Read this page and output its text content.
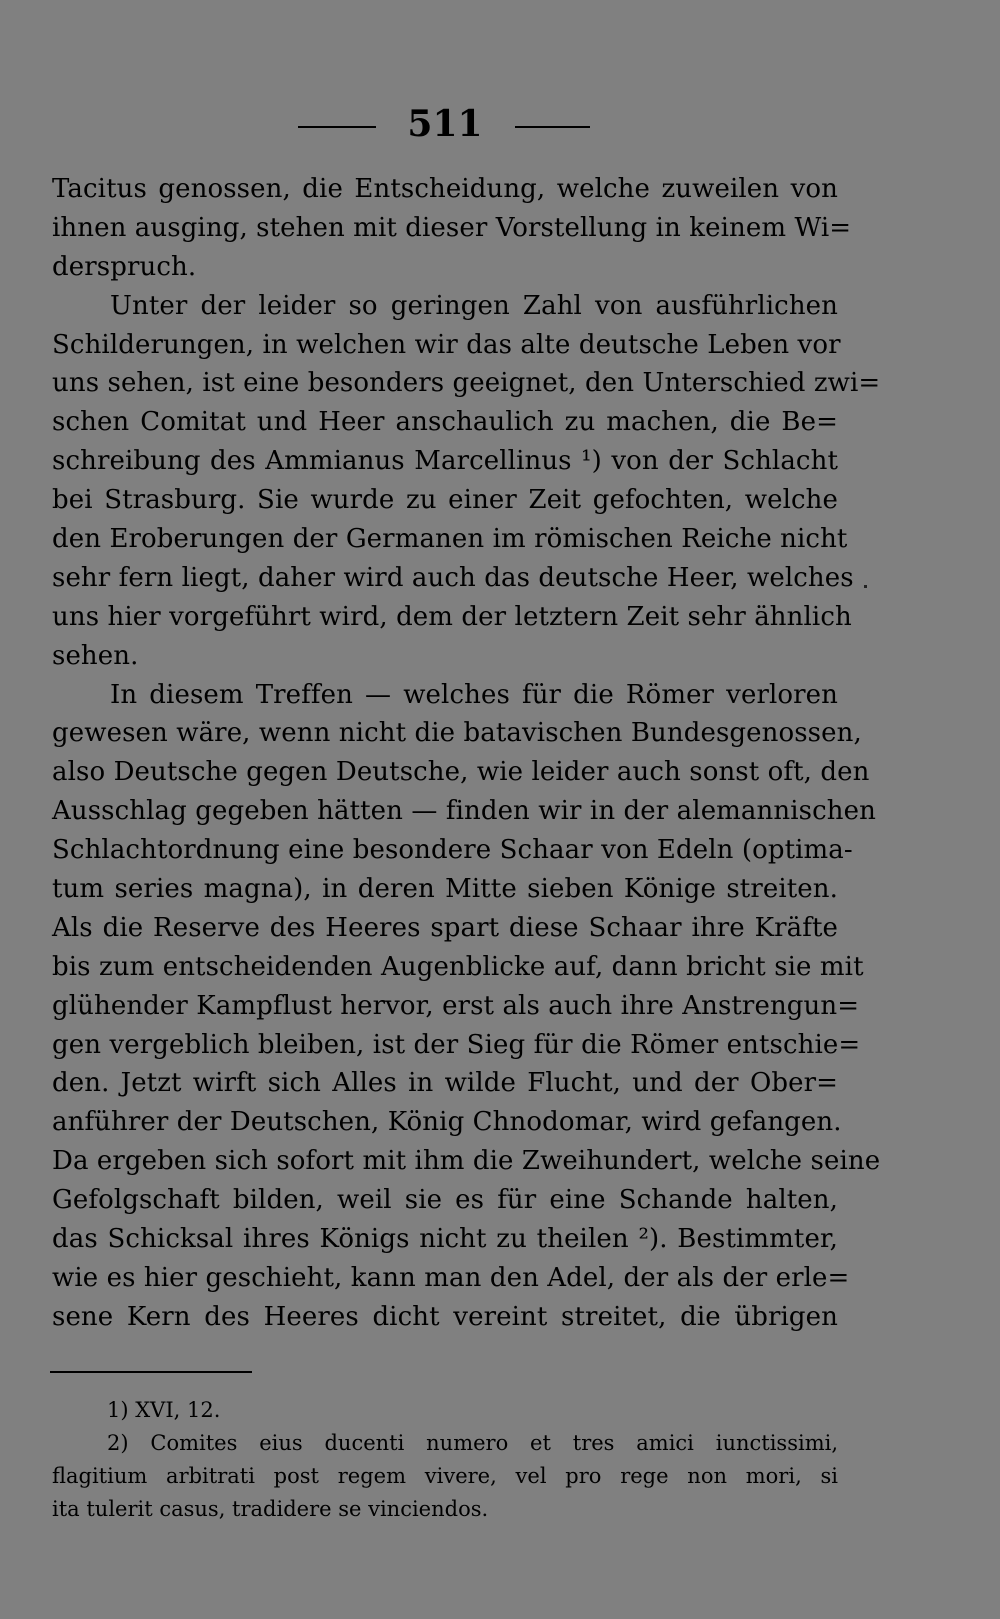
511
Tacitus genossen, die Entscheidung, welche zuweilen von
ihnen ausging, stehen mit dieser Vorstellung in keinem Wi=
derspruch.
Unter der leider so geringen Zahl von ausführlichen
Schilderungen, in welchen wir das alte deutsche Leben vor
uns sehen, ist eine besonders geeignet, den Unterschied zwi=
schen Comitat und Heer anschaulich zu machen, die Be=
schreibung des Ammianus Marcellinus ¹) von der Schlacht
bei Strasburg. Sie wurde zu einer Zeit gefochten, welche
den Eroberungen der Germanen im römischen Reiche nicht
sehr fern liegt, daher wird auch das deutsche Heer, welches
uns hier vorgeführt wird, dem der letztern Zeit sehr ähnlich
sehen.
In diesem Treffen — welches für die Römer verloren
gewesen wäre, wenn nicht die batavischen Bundesgenossen,
also Deutsche gegen Deutsche, wie leider auch sonst oft, den
Ausschlag gegeben hätten — finden wir in der alemannischen
Schlachtordnung eine besondere Schaar von Edeln (optima-
tum series magna), in deren Mitte sieben Könige streiten.
Als die Reserve des Heeres spart diese Schaar ihre Kräfte
bis zum entscheidenden Augenblicke auf, dann bricht sie mit
glühender Kampflust hervor, erst als auch ihre Anstrengun=
gen vergeblich bleiben, ist der Sieg für die Römer entschie=
den. Jetzt wirft sich Alles in wilde Flucht, und der Ober=
anführer der Deutschen, König Chnodomar, wird gefangen.
Da ergeben sich sofort mit ihm die Zweihundert, welche seine
Gefolgschaft bilden, weil sie es für eine Schande halten,
das Schicksal ihres Königs nicht zu theilen ²). Bestimmter,
wie es hier geschieht, kann man den Adel, der als der erle=
sene Kern des Heeres dicht vereint streitet, die übrigen
1) XVI, 12.
2) Comites eius ducenti numero et tres amici iunctissimi,
flagitium arbitrati post regem vivere, vel pro rege non mori, si
ita tulerit casus, tradidere se vinciendos.
